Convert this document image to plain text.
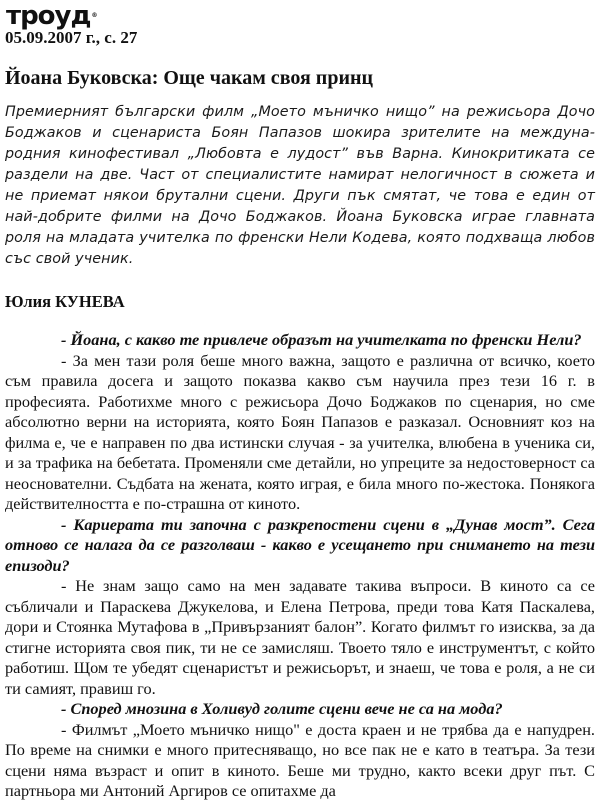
троуд®
05.09.2007 г., с. 27
Йоана Буковска: Още чакам своя принц
Премиерният български филм „Моето мъничко нищо” на режисьора Дочо Боджаков и сценариста Боян Папазов шокира зрителите на междуна-родния кинофестивал „Любовта е лудост” във Варна. Кинокритиката се раздели на две. Част от специалистите намират нелогичност в сюжета и не приемат някои брутални сцени. Други пък смятат, че това е един от най-добрите филми на Дочо Боджаков. Йоана Буковска играе главната роля на младата учителка по френски Нели Кодева, която подхваща любов със свой ученик.
Юлия КУНЕВА

- Йоана, с какво те привлече образът на учителката по френски Нели?

- За мен тази роля беше много важна, защото е различна от всичко, което съм правила досега и защото показва какво съм научила през тези 16 г. в професията. Работихме много с режисьора Дочо Боджаков по сценария, но сме абсолютно верни на историята, която Боян Папазов е разказал. Основният коз на филма е, че е направен по два истински случая - за учителка, влюбена в ученика си, и за трафика на бебетата. Променяли сме детайли, но упреците за недостоверност са неоснователни. Съдбата на жената, която играя, е била много по-жестока. Понякога действителността е по-страшна от киното.

- Кариерата ти започна с разкрепостени сцени в „Дунав мост”. Сега отново се налага да се разголваш - какво е усещането при снимането на тези епизоди?

- Не знам защо само на мен задавате такива въпроси. В киното са се събличали и Параскева Джукелова, и Елена Петрова, преди това Катя Паскалева, дори и Стоянка Мутафова в „Привързаният балон”. Когато филмът го изисква, за да стигне историята своя пик, ти не се замисляш. Твоето тяло е инструментът, с който работиш. Щом те убедят сценаристът и режисьорът, и знаеш, че това е роля, а не си ти самият, правиш го.

- Според мнозина в Холивуд голите сцени вече не са на мода?

- Филмът „Моето мъничко нищо" е доста краен и не трябва да е напудрен. По време на снимки е много притесняващо, но все пак не е като в театъра. За тези сцени няма възраст и опит в киното. Беше ми трудно, както всеки друг път. С партньора ми Антоний Аргиров се опитахме да
